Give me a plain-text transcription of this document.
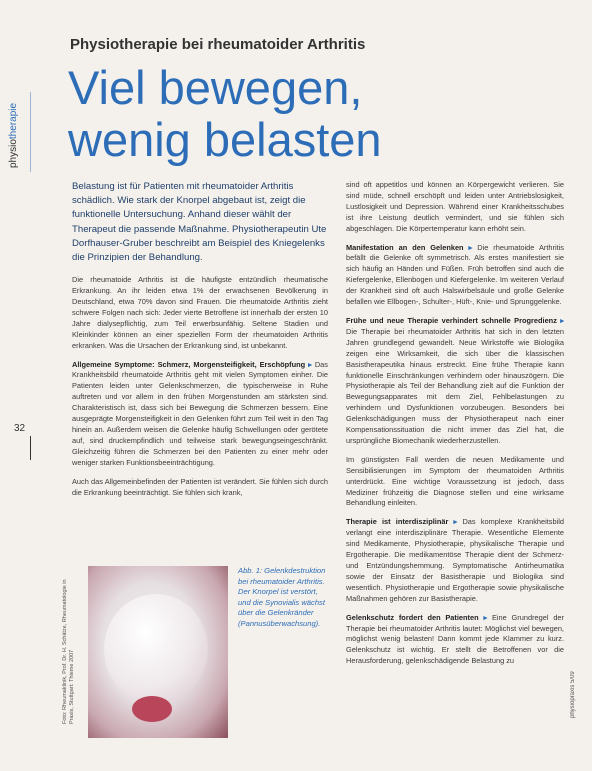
physiotherapie
32
Physiotherapie bei rheumatoider Arthritis
Viel bewegen,
wenig belasten

Belastung ist für Patienten mit rheumatoider Arthritis schädlich. Wie stark der Knorpel abgebaut ist, zeigt die funktionelle Untersuchung. Anhand dieser wählt der Therapeut die passende Maßnahme. Physiotherapeutin Ute Dorfhauser-Gruber beschreibt am Beispiel des Kniegelenks die Prinzipien der Behandlung.

Die rheumatoide Arthritis ist die häufigste entzündlich rheumatische Erkrankung. An ihr leiden etwa 1% der erwachsenen Bevölkerung in Deutschland, etwa 70% davon sind Frauen. Die rheumatoide Arthritis zieht schwere Folgen nach sich: Jeder vierte Betroffene ist innerhalb der ersten 10 Jahre dialysepflichtig, zum Teil erwerbsunfähig. Seltene Stadien und Kleinkinder können an einer speziellen Form der rheumatoiden Arthritis erkranken. Was die Ursachen der Erkrankung sind, ist unbekannt.

Allgemeine Symptome: Schmerz, Morgensteifigkeit, Erschöpfung ▸ Das Krankheitsbild rheumatoide Arthritis geht mit vielen Symptomen einher. Die Patienten leiden unter Gelenkschmerzen, die typischerweise in Ruhe auftreten und vor allem in den frühen Morgenstunden am stärksten sind. Charakteristisch ist, dass sich bei Bewegung die Schmerzen bessern. Eine ausgeprägte Morgensteifigkeit in den Gelenken führt zum Teil weit in den Tag hinein an. Außerdem weisen die Gelenke häufig Schwellungen oder gerötete auf, sind druckempfindlich und teilweise stark bewegungseingeschränkt. Gleichzeitig führen die Schmerzen bei den Patienten zu einer mehr oder weniger starken Funktionsbeeinträchtigung.

Auch das Allgemeinbefinden der Patienten ist verändert. Sie fühlen sich durch die Erkrankung beeinträchtigt. Sie fühlen sich krank,

Foto: Rheumaklinik, Prof. Dr. H. Schätze, Rheumatologie in Praxis, Stuttgart: Thieme 2007
Abb. 1: Gelenkdestruktion bei rheumatoider Arthritis. Der Knorpel ist verstört, und die Synovialis wächst über die Gelenkränder (Pannusüberwachsung).

sind oft appetitlos und können an Körpergewicht verlieren. Sie sind müde, schnell erschöpft und leiden unter Antriebslosigkeit, Lustlosigkeit und Depression. Während einer Krankheitsschubes ist ihre Leistung deutlich vermindert, und sie fühlen sich abgeschlagen. Die Körpertemperatur kann erhöht sein.

Manifestation an den Gelenken ▸ Die rheumatoide Arthritis befällt die Gelenke oft symmetrisch. Als erstes manifestiert sie sich häufig an Händen und Füßen. Früh betroffen sind auch die Kiefergelenke, Ellenbogen und Kiefergelenke. Im weiteren Verlauf der Krankheit sind oft auch Halswirbelsäule und große Gelenke befallen wie Ellbogen-, Schulter-, Hüft-, Knie- und Sprunggelenke.

Frühe und neue Therapie verhindert schnelle Progredienz ▸ Die Therapie bei rheumatoider Arthritis hat sich in den letzten Jahren grundlegend gewandelt. Neue Wirkstoffe wie Biologika zeigen eine Wirksamkeit, die sich über die klassischen Basistherapeutika hinaus erstreckt. Eine frühe Therapie kann funktionelle Einschränkungen verhindern oder hinauszögern. Die Physiotherapie als Teil der Behandlung zielt auf die Funktion der Bewegungsapparates mit dem Ziel, Fehlbelastungen zu verhindern und Dysfunktionen vorzubeugen. Besonders bei Gelenkschädigungen muss der Physiotherapeut nach einer Kompensationssituation die nicht immer das Ziel hat, die ursprüngliche Biomechanik wiederherzustellen.

Im günstigsten Fall werden die neuen Medikamente und Sensibilisierungen im Symptom der rheumatoiden Arthritis unterdrückt. Eine wichtige Voraussetzung ist jedoch, dass Mediziner frühzeitig die Diagnose stellen und eine wirksame Behandlung einleiten.

Therapie ist interdisziplinär ▸ Das komplexe Krankheitsbild verlangt eine interdisziplinäre Therapie. Wesentliche Elemente sind Medikamente, Physiotherapie, physikalische Therapie und Ergotherapie. Die medikamentöse Therapie dient der Schmerz- und Entzündungshemmung. Symptomatische Antirheumatika sowie der Einsatz der Basistherapie und Biologika sind wesentlich. Physiotherapie und Ergotherapie sowie physikalische Maßnahmen gehören zur Basistherapie.

Gelenkschutz fordert den Patienten ▸ Eine Grundregel der Therapie bei rheumatoider Arthritis lautet: Möglichst viel bewegen, möglichst wenig belasten! Dann kommt jede Klammer zu kurz. Gelenkschutz ist wichtig. Er stellt die Betroffenen vor die Herausforderung, gelenkschädigende Belastung zu

physiopraxis 5/09
